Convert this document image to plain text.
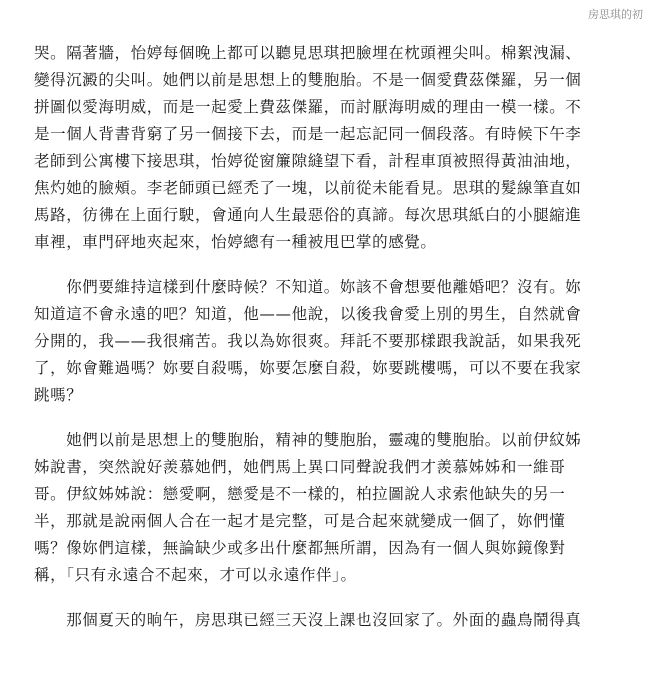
房思琪的初

哭。隔著牆，怡婷每個晚上都可以聽見思琪把臉埋在枕頭裡尖叫。棉絮洩漏、
變得沉澱的尖叫。她們以前是思想上的雙胞胎。不是一個愛費茲傑羅，另一個
拼圖似愛海明威，而是一起愛上費茲傑羅，而討厭海明威的理由一模一樣。不
是一個人背書背窮了另一個接下去，而是一起忘記同一個段落。有時候下午李
老師到公寓樓下接思琪，怡婷從窗簾隙縫望下看，計程車頂被照得黃油油地，
焦灼她的臉頰。李老師頭已經禿了一塊，以前從未能看見。思琪的髮線筆直如
馬路，彷彿在上面行駛，會通向人生最惡俗的真諦。每次思琪紙白的小腿縮進
車裡，車門砰地夾起來，怡婷總有一種被甩巴掌的感覺。

　　你們要維持這樣到什麼時候？不知道。妳該不會想要他離婚吧？沒有。妳
知道這不會永遠的吧？知道，他——他說，以後我會愛上別的男生，自然就會
分開的，我——我很痛苦。我以為妳很爽。拜託不要那樣跟我說話，如果我死
了，妳會難過嗎？妳要自殺嗎，妳要怎麼自殺，妳要跳樓嗎，可以不要在我家
跳嗎？

　　她們以前是思想上的雙胞胎，精神的雙胞胎，靈魂的雙胞胎。以前伊紋姊
姊說書，突然說好羨慕她們，她們馬上異口同聲說我們才羨慕姊姊和一維哥
哥。伊紋姊姊說：戀愛啊，戀愛是不一樣的，柏拉圖說人求索他缺失的另一
半，那就是說兩個人合在一起才是完整，可是合起來就變成一個了，妳們懂
嗎？像妳們這樣，無論缺少或多出什麼都無所謂，因為有一個人與妳鏡像對
稱，「只有永遠合不起來，才可以永遠作伴」。

　　那個夏天的晌午，房思琪已經三天沒上課也沒回家了。外面的蟲鳥鬧得真
